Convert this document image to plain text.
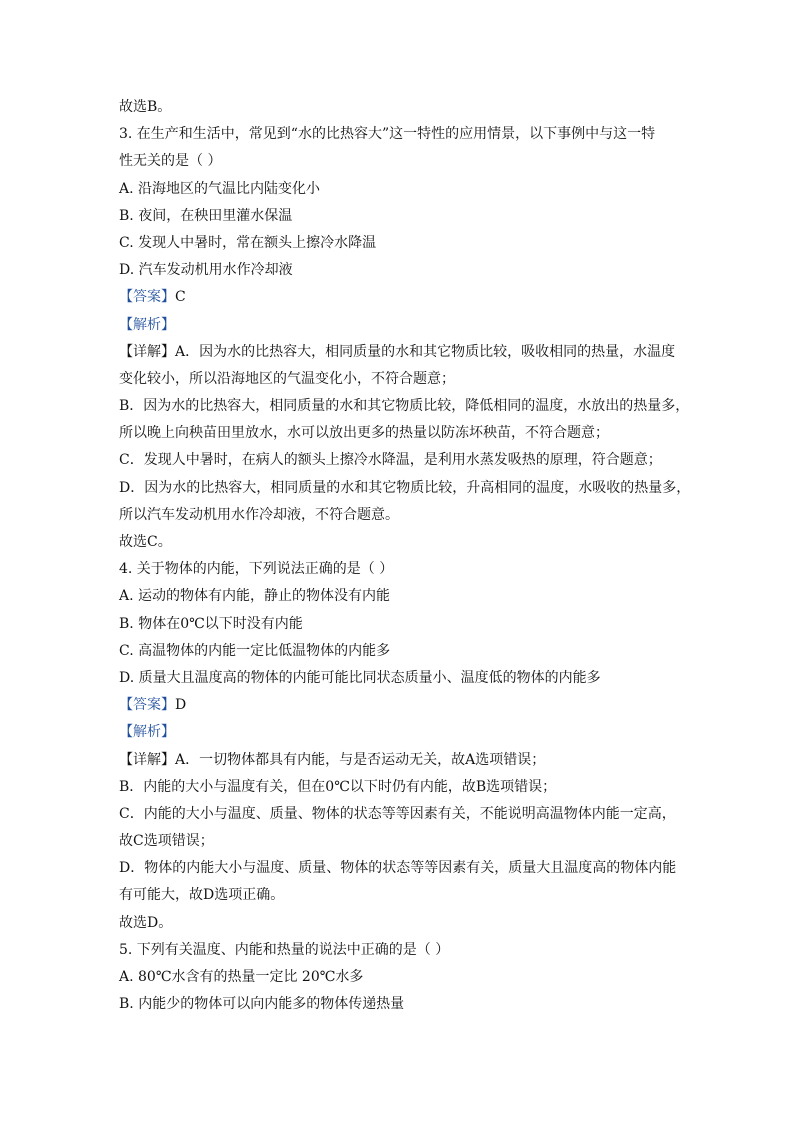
故选B。
3. 在生产和生活中，常见到“水的比热容大”这一特性的应用情景，以下事例中与这一特
性无关的是（ ）
A. 沿海地区的气温比内陆变化小
B. 夜间，在秧田里灌水保温
C. 发现人中暑时，常在额头上擦冷水降温
D. 汽车发动机用水作冷却液
【答案】C
【解析】
【详解】A．因为水的比热容大，相同质量的水和其它物质比较，吸收相同的热量，水温度
变化较小，所以沿海地区的气温变化小，不符合题意；
B．因为水的比热容大，相同质量的水和其它物质比较，降低相同的温度，水放出的热量多，
所以晚上向秧苗田里放水，水可以放出更多的热量以防冻坏秧苗，不符合题意；
C．发现人中暑时，在病人的额头上擦冷水降温，是利用水蒸发吸热的原理，符合题意；
D．因为水的比热容大，相同质量的水和其它物质比较，升高相同的温度，水吸收的热量多，
所以汽车发动机用水作冷却液，不符合题意。
故选C。
4. 关于物体的内能，下列说法正确的是（ ）
A. 运动的物体有内能，静止的物体没有内能
B. 物体在0℃以下时没有内能
C. 高温物体的内能一定比低温物体的内能多
D. 质量大且温度高的物体的内能可能比同状态质量小、温度低的物体的内能多
【答案】D
【解析】
【详解】A．一切物体都具有内能，与是否运动无关，故A选项错误；
B．内能的大小与温度有关，但在0℃以下时仍有内能，故B选项错误；
C．内能的大小与温度、质量、物体的状态等等因素有关，不能说明高温物体内能一定高，
故C选项错误；
D．物体的内能大小与温度、质量、物体的状态等等因素有关，质量大且温度高的物体内能
有可能大，故D选项正确。
故选D。
5. 下列有关温度、内能和热量的说法中正确的是（ ）
A. 80℃水含有的热量一定比 20℃水多
B. 内能少的物体可以向内能多的物体传递热量
